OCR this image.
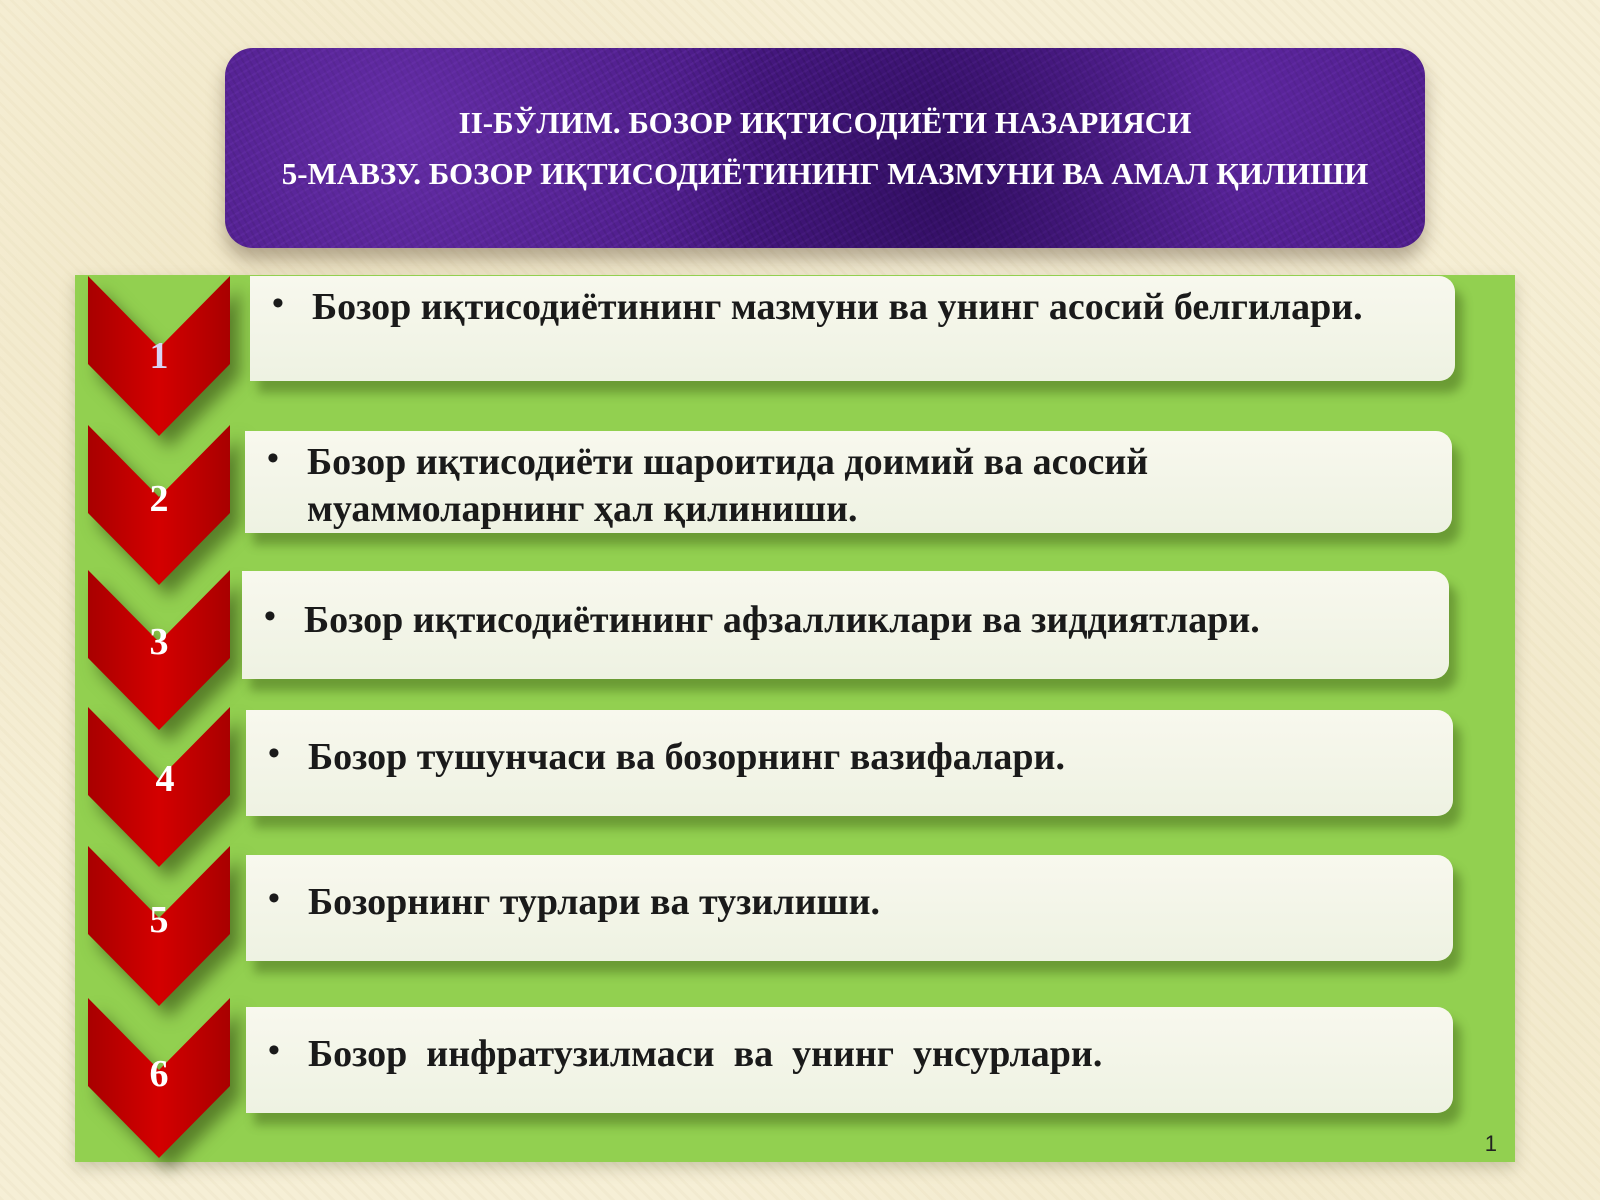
II-БЎЛИМ. БОЗОР ИҚТИСОДИЁТИ НАЗАРИЯСИ
5-МАВЗУ. БОЗОР ИҚТИСОДИЁТИНИНГ МАЗМУНИ ВА АМАЛ ҚИЛИШИ
1
• Бозор иқтисодиётининг мазмуни ва унинг асосий белгилари.
2
• Бозор иқтисодиёти шароитида доимий ва асосий муаммоларнинг ҳал қилиниши.
3
• Бозор иқтисодиётининг афзалликлари ва зиддиятлари.
4
• Бозор тушунчаси ва бозорнинг вазифалари.
5	• Бозорнинг турлари ва тузилиши.
6	• Бозор  инфратузилмаси  ва  унинг  унсурлари.
1
